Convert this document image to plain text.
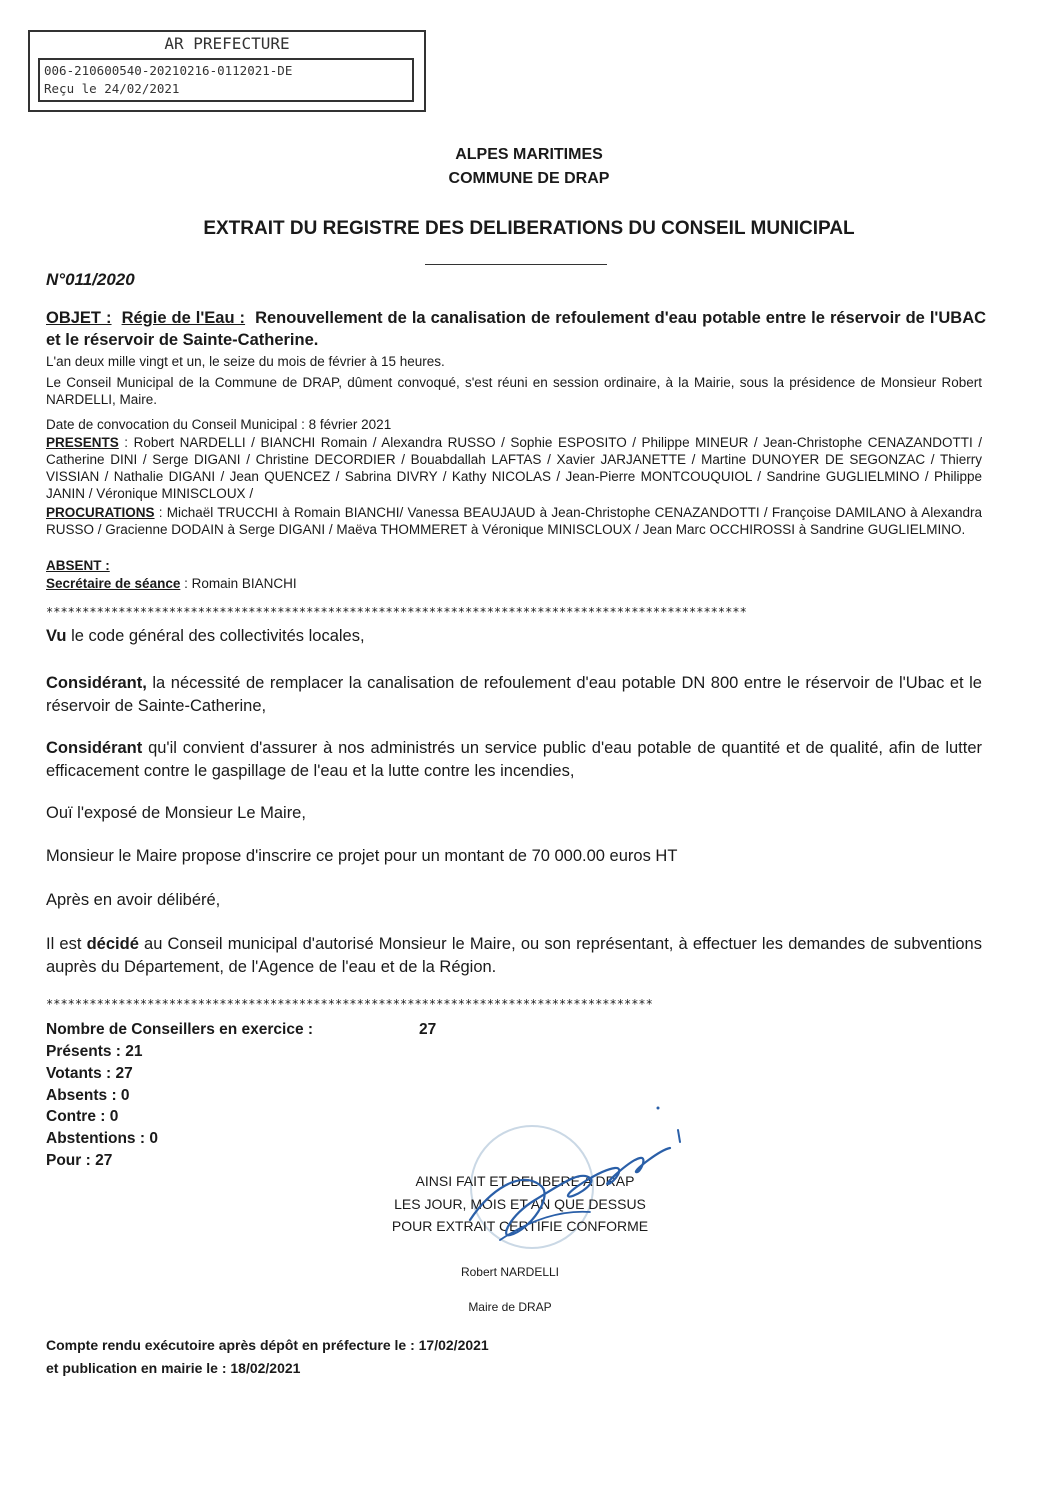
AR PREFECTURE
006-210600540-20210216-0112021-DE
Reçu le 24/02/2021
ALPES MARITIMES
COMMUNE DE DRAP
EXTRAIT DU REGISTRE DES DELIBERATIONS DU CONSEIL MUNICIPAL
N°011/2020
OBJET : Régie de l'Eau : Renouvellement de la canalisation de refoulement d'eau potable entre le réservoir de l'UBAC et le réservoir de Sainte-Catherine.
L'an deux mille vingt et un, le seize du mois de février à 15 heures.
Le Conseil Municipal de la Commune de DRAP, dûment convoqué, s'est réuni en session ordinaire, à la Mairie, sous la présidence de Monsieur Robert NARDELLI, Maire.
Date de convocation du Conseil Municipal : 8 février 2021
PRESENTS : Robert NARDELLI / BIANCHI Romain / Alexandra RUSSO / Sophie ESPOSITO / Philippe MINEUR / Jean-Christophe CENAZANDOTTI / Catherine DINI / Serge DIGANI / Christine DECORDIER / Bouabdallah LAFTAS / Xavier JARJANETTE / Martine DUNOYER DE SEGONZAC / Thierry VISSIAN / Nathalie DIGANI / Jean QUENCEZ / Sabrina DIVRY / Kathy NICOLAS / Jean-Pierre MONTCOUQUIOL / Sandrine GUGLIELMINO / Philippe JANIN / Véronique MINISCLOUX /
PROCURATIONS : Michaël TRUCCHI à Romain BIANCHI/ Vanessa BEAUJAUD à Jean-Christophe CENAZANDOTTI / Françoise DAMILANO à Alexandra RUSSO / Gracienne DODAIN à Serge DIGANI / Maëva THOMMERET à Véronique MINISCLOUX / Jean Marc OCCHIROSSI à Sandrine GUGLIELMINO.
ABSENT :
Secrétaire de séance : Romain BIANCHI
*************************************************************************************************
Vu le code général des collectivités locales,
Considérant, la nécessité de remplacer la canalisation de refoulement d'eau potable DN 800 entre le réservoir de l'Ubac et le réservoir de Sainte-Catherine,
Considérant qu'il convient d'assurer à nos administrés un service public d'eau potable de quantité et de qualité, afin de lutter efficacement contre le gaspillage de l'eau et la lutte contre les incendies,
Ouï l'exposé de Monsieur Le Maire,
Monsieur le Maire propose d'inscrire ce projet pour un montant de 70 000.00 euros HT
Après en avoir délibéré,
Il est décidé au Conseil municipal d'autorisé Monsieur le Maire, ou son représentant, à effectuer les demandes de subventions auprès du Département, de l'Agence de l'eau et de la Région.
************************************************************************************
Nombre de Conseillers en exercice :	27
Présents : 21
Votants : 27
Absents : 0
Contre : 0
Abstentions : 0
Pour : 27
AINSI FAIT ET DELIBERE A DRAP
LES JOUR, MOIS ET AN QUE DESSUS
POUR EXTRAIT CERTIFIE CONFORME
Robert NARDELLI
Maire de DRAP
Compte rendu exécutoire après dépôt en préfecture le : 17/02/2021
et publication en mairie le : 18/02/2021
